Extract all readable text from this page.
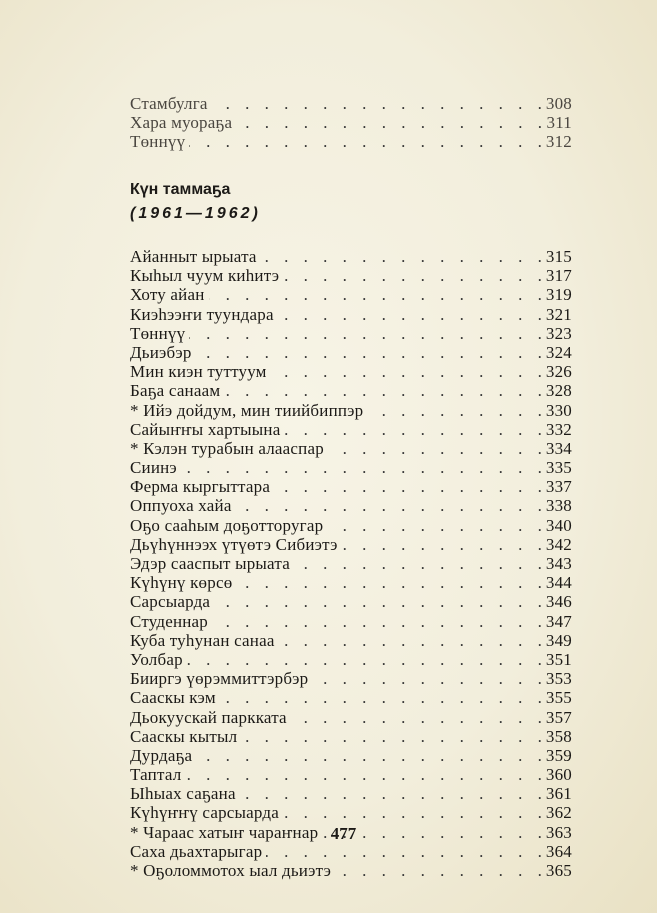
Стамбулга . . .	308
Хара муораҕа . . .	311
Төннүү . . .	312
Күн таммаҕа
(1961—1962)
Айанныт ырыата . . .	315
Кыһыл чуум киһитэ . . .	317
Хоту айан . . .	319
Киэһээҥи туундара . . .	321
Төннүү . . .	323
Дьиэбэр . . .	324
Мин киэн туттуум . . .	326
Баҕа санаам . . .	328
* Ийэ дойдум, мин тиийбиппэр . . .	330
Сайыҥҥы хартыына . . .	332
* Кэлэн турабын алааспар . . .	334
Сиинэ . . .	335
Ферма кыргыттара . . .	337
Оппуоха хайа . . .	338
Оҕо сааһым доҕотторугар . . .	340
Дьүһүннээх үтүөтэ Сибиэтэ . . .	342
Эдэр сааспыт ырыата . . .	343
Күһүнү көрсө . . .	344
Сарсыарда . . .	346
Студеннар . . .	347
Куба туһунан санаа . . .	349
Уолбар . . .	351
Бииргэ үөрэммиттэрбэр . . .	353
Сааскы кэм . . .	355
Дьокуускай паркката . . .	357
Сааскы кытыл . . .	358
Дурдаҕа . . .	359
Таптал . . .	360
Ыһыах саҕана . . .	361
Күһүҥҥү сарсыарда . . .	362
* Чараас хатыҥ чараҥнар . . .	363
Саха дьахтарыгар . . .	364
* Оҕоломмотох ыал дьиэтэ . . .	365
477
